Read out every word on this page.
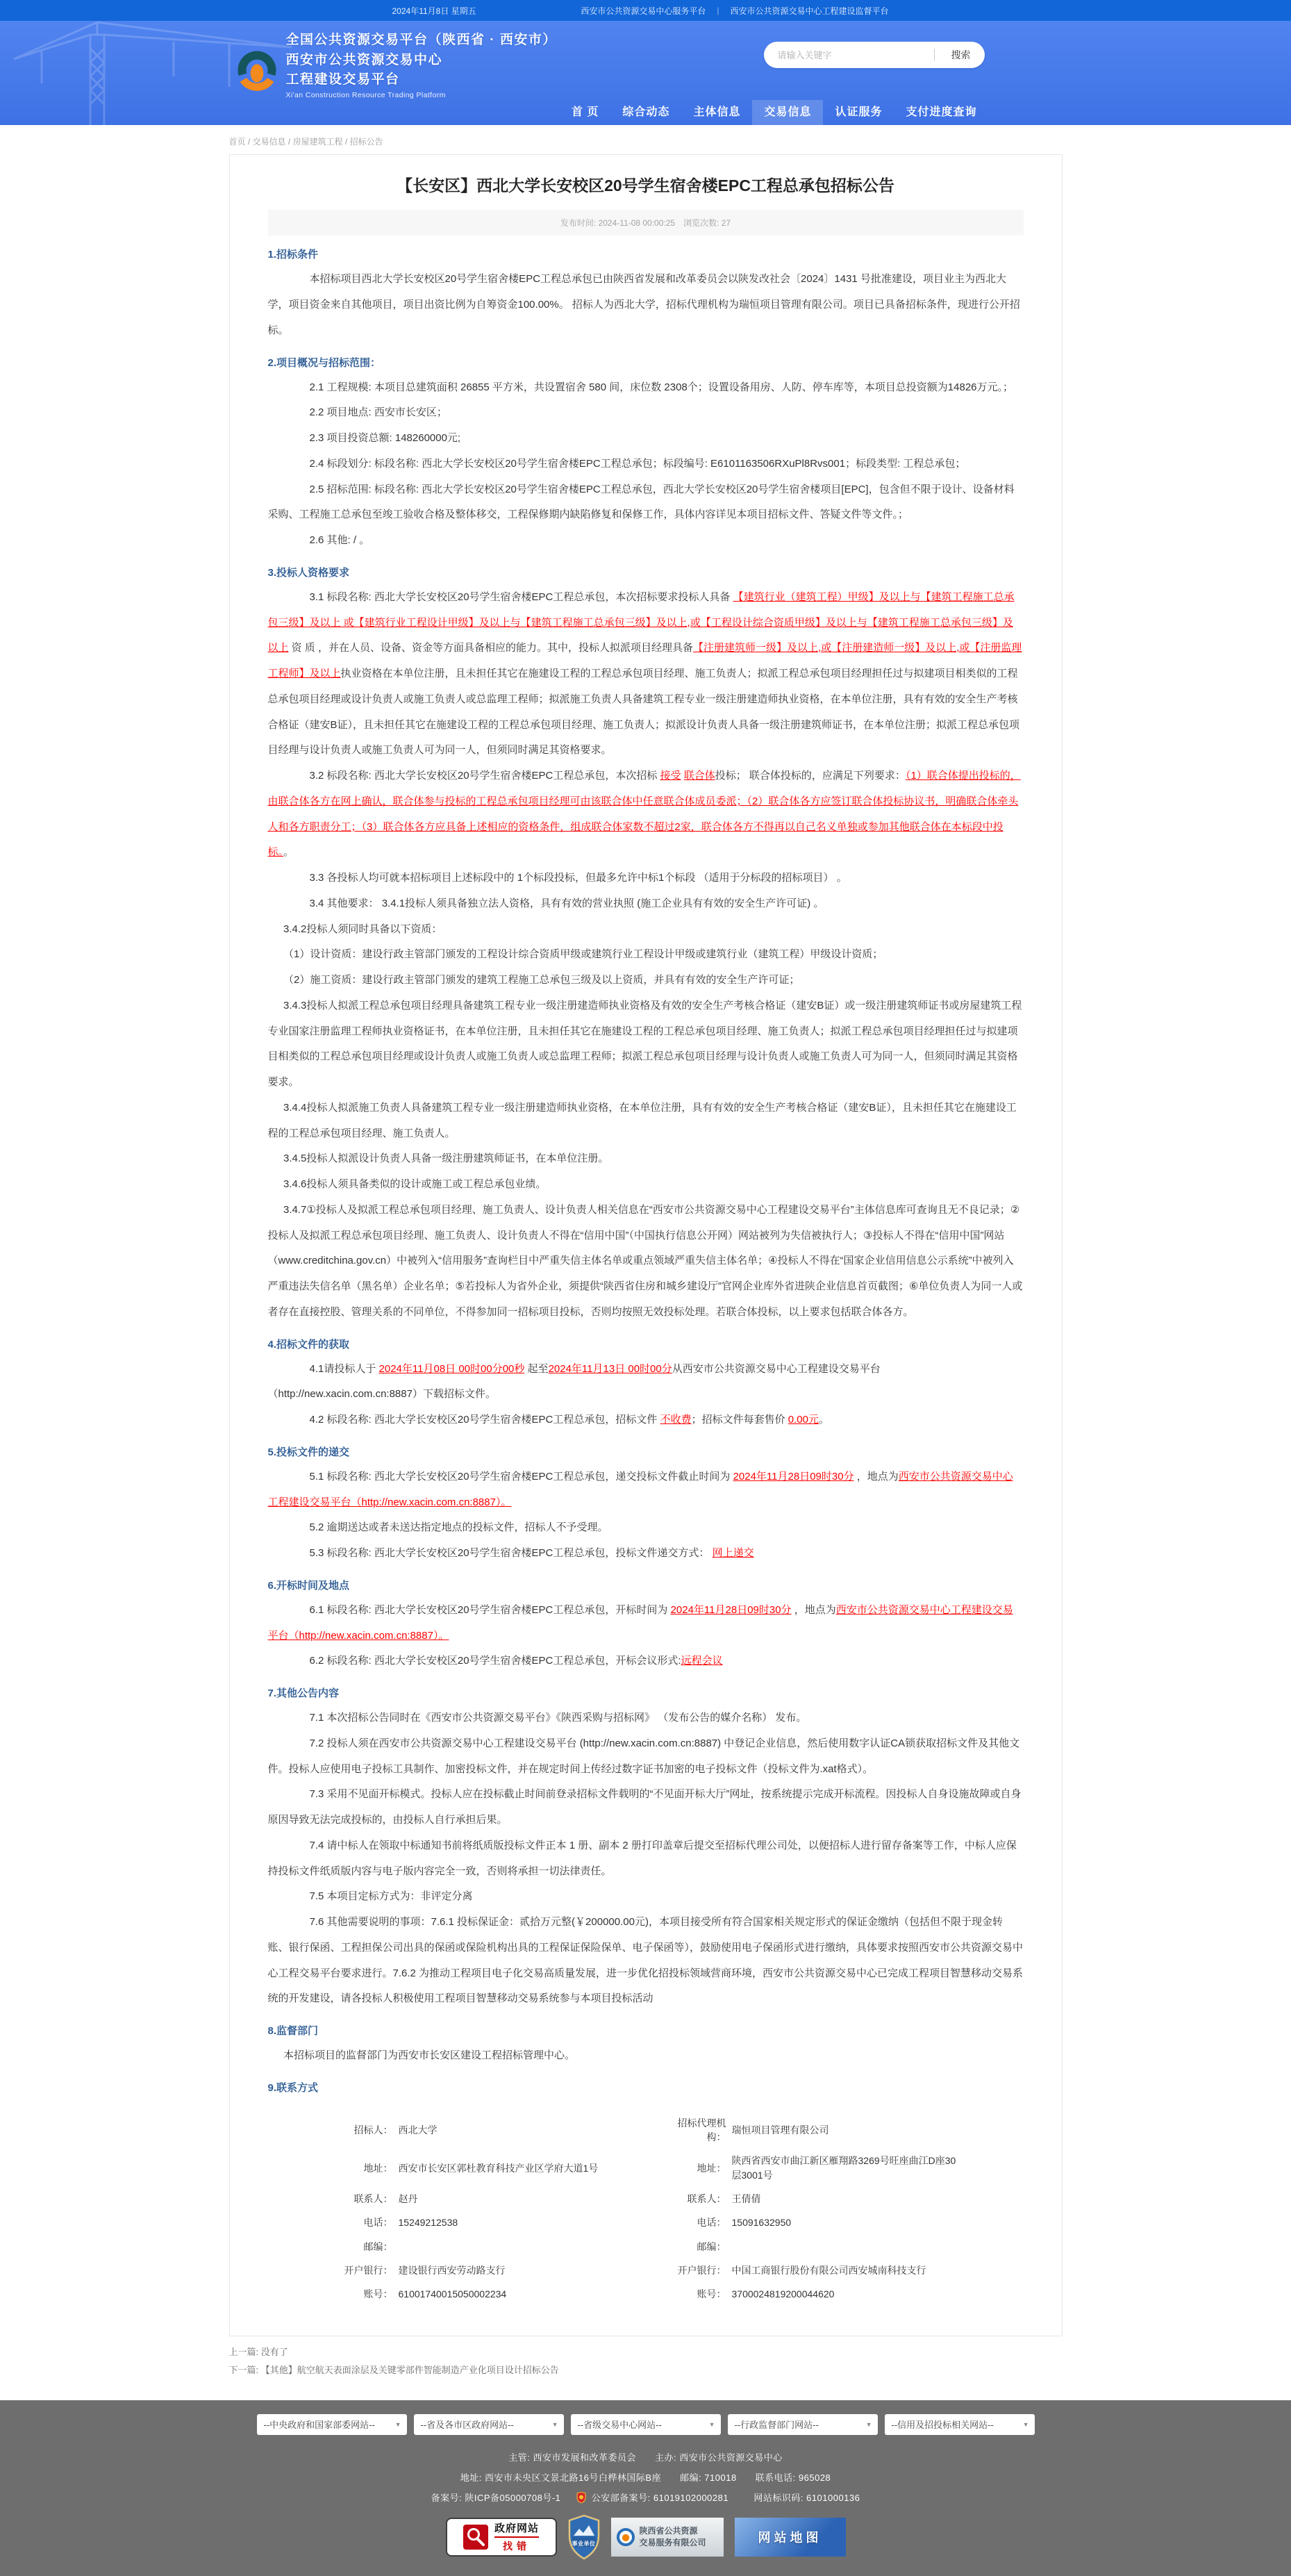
2024年11月8日 星期五	西安市公共资源交易中心服务平台 | 西安市公共资源交易中心工程建设监督平台
全国公共资源交易平台（陕西省 · 西安市）
西安市公共资源交易中心
工程建设交易平台
Xi'an Construction Resource Trading Platform
请输入关键字
搜索
首 页	综合动态	主体信息	交易信息	认证服务	支付进度查询
首页 / 交易信息 / 房屋建筑工程 / 招标公告
【长安区】西北大学长安校区20号学生宿舍楼EPC工程总承包招标公告
发布时间: 2024-11-08 00:00:25　浏览次数: 27
1.招标条件

本招标项目西北大学长安校区20号学生宿舍楼EPC工程总承包已由陕西省发展和改革委员会以陕发改社会〔2024〕1431 号批准建设，项目业主为西北大学，项目资金来自其他项目，项目出资比例为自筹资金100.00%。 招标人为西北大学，招标代理机构为瑞恒项目管理有限公司。项目已具备招标条件，现进行公开招标。

2.项目概况与招标范围：

2.1 工程规模: 本项目总建筑面积 26855 平方米，共设置宿舍 580 间，床位数 2308个；设置设备用房、人防、停车库等，本项目总投资额为14826万元。；

2.2 项目地点: 西安市长安区；

2.3 项目投资总额: 148260000元;

2.4 标段划分: 标段名称: 西北大学长安校区20号学生宿舍楼EPC工程总承包；标段编号: E6101163506RXuPl8Rvs001；标段类型: 工程总承包；

2.5 招标范围: 标段名称: 西北大学长安校区20号学生宿舍楼EPC工程总承包，西北大学长安校区20号学生宿舍楼项目[EPC]，包含但不限于设计、设备材料采购、工程施工总承包至竣工验收合格及整体移交，工程保修期内缺陷修复和保修工作，具体内容详见本项目招标文件、答疑文件等文件。；

2.6 其他: / 。

3.投标人资格要求

3.1 标段名称: 西北大学长安校区20号学生宿舍楼EPC工程总承包，本次招标要求投标人具备 【建筑行业（建筑工程）甲级】及以上与【建筑工程施工总承包三级】及以上 或【建筑行业工程设计甲级】及以上与【建筑工程施工总承包三级】及以上,或【工程设计综合资质甲级】及以上与【建筑工程施工总承包三级】及以上 资 质 ，并在人员、设备、资金等方面具备相应的能力。其中，投标人拟派项目经理具备【注册建筑师一级】及以上,或【注册建造师一级】及以上,或【注册监理工程师】及以上执业资格在本单位注册，且未担任其它在施建设工程的工程总承包项目经理、施工负责人；拟派工程总承包项目经理担任过与拟建项目相类似的工程总承包项目经理或设计负责人或施工负责人或总监理工程师；拟派施工负责人具备建筑工程专业一级注册建造师执业资格，在本单位注册，具有有效的安全生产考核合格证（建安B证），且未担任其它在施建设工程的工程总承包项目经理、施工负责人；拟派设计负责人具备一级注册建筑师证书，在本单位注册；拟派工程总承包项目经理与设计负责人或施工负责人可为同一人，但须同时满足其资格要求。

3.2 标段名称: 西北大学长安校区20号学生宿舍楼EPC工程总承包，本次招标 接受 联合体投标； 联合体投标的，应满足下列要求：（1）联合体提出投标的，由联合体各方在网上确认，联合体参与投标的工程总承包项目经理可由该联合体中任意联合体成员委派；（2）联合体各方应签订联合体投标协议书，明确联合体牵头人和各方职责分工；（3）联合体各方应具备上述相应的资格条件，组成联合体家数不超过2家，联合体各方不得再以自己名义单独或参加其他联合体在本标段中投标。。

3.3 各投标人均可就本招标项目上述标段中的 1个标段投标，但最多允许中标1个标段 （适用于分标段的招标项目） 。

3.4 其他要求： 3.4.1投标人须具备独立法人资格，具有有效的营业执照 (施工企业具有有效的安全生产许可证) 。

3.4.2投标人须同时具备以下资质：

（1）设计资质：建设行政主管部门颁发的工程设计综合资质甲级或建筑行业工程设计甲级或建筑行业（建筑工程）甲级设计资质；

（2）施工资质：建设行政主管部门颁发的建筑工程施工总承包三级及以上资质，并具有有效的安全生产许可证；

3.4.3投标人拟派工程总承包项目经理具备建筑工程专业一级注册建造师执业资格及有效的安全生产考核合格证（建安B证）或一级注册建筑师证书或房屋建筑工程专业国家注册监理工程师执业资格证书，在本单位注册，且未担任其它在施建设工程的工程总承包项目经理、施工负责人；拟派工程总承包项目经理担任过与拟建项目相类似的工程总承包项目经理或设计负责人或施工负责人或总监理工程师；拟派工程总承包项目经理与设计负责人或施工负责人可为同一人，但须同时满足其资格要求。

3.4.4投标人拟派施工负责人具备建筑工程专业一级注册建造师执业资格，在本单位注册，具有有效的安全生产考核合格证（建安B证），且未担任其它在施建设工程的工程总承包项目经理、施工负责人。

3.4.5投标人拟派设计负责人具备一级注册建筑师证书，在本单位注册。

3.4.6投标人须具备类似的设计或施工或工程总承包业绩。

3.4.7①投标人及拟派工程总承包项目经理、施工负责人、设计负责人相关信息在“西安市公共资源交易中心工程建设交易平台”主体信息库可查询且无不良记录；②投标人及拟派工程总承包项目经理、施工负责人、设计负责人不得在“信用中国”（中国执行信息公开网）网站被列为失信被执行人；③投标人不得在“信用中国”网站（www.creditchina.gov.cn）中被列入“信用服务”查询栏目中严重失信主体名单或重点领域严重失信主体名单；④投标人不得在“国家企业信用信息公示系统”中被列入严重违法失信名单（黑名单）企业名单；⑤若投标人为省外企业，须提供“陕西省住房和城乡建设厅”官网企业库外省进陕企业信息首页截图；⑥单位负责人为同一人或者存在直接控股、管理关系的不同单位，不得参加同一招标项目投标，否则均按照无效投标处理。若联合体投标，以上要求包括联合体各方。

4.招标文件的获取

4.1请投标人于 2024年11月08日 00时00分00秒 起至2024年11月13日 00时00分从西安市公共资源交易中心工程建设交易平台（http://new.xacin.com.cn:8887）下载招标文件。

4.2 标段名称: 西北大学长安校区20号学生宿舍楼EPC工程总承包，招标文件 不收费；招标文件每套售价 0.00元。

5.投标文件的递交

5.1 标段名称: 西北大学长安校区20号学生宿舍楼EPC工程总承包，递交投标文件截止时间为 2024年11月28日09时30分 ，地点为西安市公共资源交易中心工程建设交易平台（http://new.xacin.com.cn:8887）。

5.2 逾期送达或者未送达指定地点的投标文件，招标人不予受理。

5.3 标段名称: 西北大学长安校区20号学生宿舍楼EPC工程总承包，投标文件递交方式： 网上递交

6.开标时间及地点

6.1 标段名称: 西北大学长安校区20号学生宿舍楼EPC工程总承包，开标时间为 2024年11月28日09时30分 ，地点为西安市公共资源交易中心工程建设交易平台（http://new.xacin.com.cn:8887）。

6.2 标段名称: 西北大学长安校区20号学生宿舍楼EPC工程总承包，开标会议形式:远程会议

7.其他公告内容

7.1 本次招标公告同时在《西安市公共资源交易平台》《陕西采购与招标网》 （发布公告的媒介名称） 发布。

7.2 投标人须在西安市公共资源交易中心工程建设交易平台 (http://new.xacin.com.cn:8887) 中登记企业信息，然后使用数字认证CA锁获取招标文件及其他文件。投标人应使用电子投标工具制作、加密投标文件，并在规定时间上传经过数字证书加密的电子投标文件（投标文件为.xat格式）。

7.3 采用不见面开标模式。投标人应在投标截止时间前登录招标文件载明的“不见面开标大厅”网址，按系统提示完成开标流程。因投标人自身设施故障或自身原因导致无法完成投标的，由投标人自行承担后果。

7.4 请中标人在领取中标通知书前将纸质版投标文件正本 1 册、副本 2 册打印盖章后提交至招标代理公司处，以便招标人进行留存备案等工作，中标人应保持投标文件纸质版内容与电子版内容完全一致，否则将承担一切法律责任。

7.5 本项目定标方式为：非评定分离

7.6 其他需要说明的事项：7.6.1 投标保证金：贰拾万元整(￥200000.00元)，本项目接受所有符合国家相关规定形式的保证金缴纳（包括但不限于现金转账、银行保函、工程担保公司出具的保函或保险机构出具的工程保证保险保单、电子保函等），鼓励使用电子保函形式进行缴纳，具体要求按照西安市公共资源交易中心工程交易平台要求进行。7.6.2 为推动工程项目电子化交易高质量发展，进一步优化招投标领域营商环境，西安市公共资源交易中心已完成工程项目智慧移动交易系统的开发建设，请各投标人积极使用工程项目智慧移动交易系统参与本项目投标活动

8.监督部门

本招标项目的监督部门为西安市长安区建设工程招标管理中心。

9.联系方式
招标人：	西北大学	招标代理机构：	瑞恒项目管理有限公司
地址：	西安市长安区郭杜教育科技产业区学府大道1号	地址：	陕西省西安市曲江新区雁翔路3269号旺座曲江D座30层3001号
联系人：	赵丹	联系人：	王倩倩
电话：	15249212538	电话：	15091632950
邮编：		邮编：	
开户银行：	建设银行西安劳动路支行	开户银行：	中国工商银行股份有限公司西安城南科技支行
账号：	61001740015050002234	账号：	3700024819200044620
上一篇: 没有了
下一篇: 【其他】航空航天表面涂层及关键零部件智能制造产业化项目设计招标公告
--中央政府和国家部委网站--	▼ --省及各市区政府网站--	▼ --省级交易中心网站--	▼ --行政监督部门网站--	▼ --信用及招投标相关网站--	▼
主管: 西安市发展和改革委员会　　主办: 西安市公共资源交易中心
地址: 西安市未央区文景北路16号白桦林国际B座　　邮编: 710018　　联系电话: 965028
备案号: 陕ICP备05000708号-1	公安部备案号: 61019102000281	网站标识码: 6101000136
政府网站
找错	事业单位
陕西省公共资源
交易服务有限公司	网站地图
